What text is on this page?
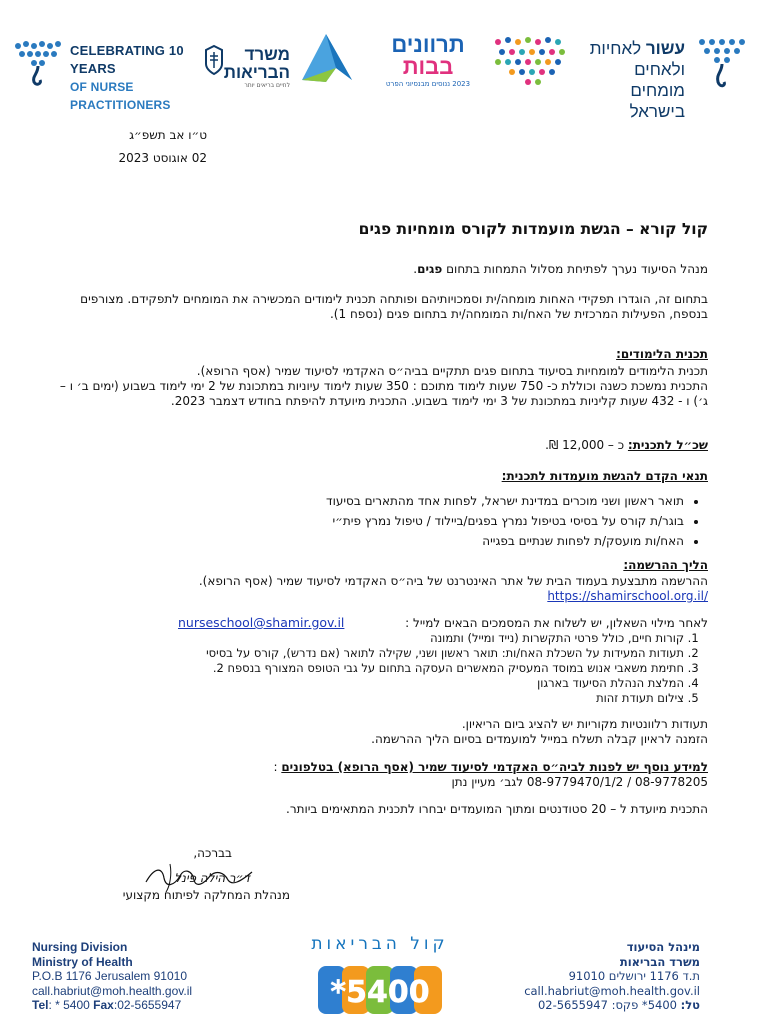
CELEBRATING 10 YEARS
OF NURSE PRACTITIONERS
משרד
הבריאות
לחיים בריאים יותר
תרוונים
בבות
2023 ננוסים מבנסיוני הפרט
עשור לאחיות ולאחים
מומחים בישראל
ט״ו אב תשפ״ג
02 אוגוסט 2023
קול קורא – הגשת מועמדות לקורס מומחיות פגים

מנהל הסיעוד נערך לפתיחת מסלול התמחות בתחום פגים.

בתחום זה, הוגדרו תפקידי האחות מומחה/ית וסמכויותיהם ופותחה תכנית לימודים המכשירה את המומחים לתפקידם. מצורפים בנספח, הפעילות המרכזית של האח/ות המומחה/ית בתחום פגים (נספח 1).

תכנית הלימודים:

תכנית הלימודים למומחיות בסיעוד בתחום פגים תתקיים בביה״ס האקדמי לסיעוד שמיר (אסף הרופא).

התכנית נמשכת כשנה וכוללת כ- 750 שעות לימוד מתוכם : 350 שעות לימוד עיוניות במתכונת של 2 ימי לימוד בשבוע (ימים ב׳ ו – ג׳) ו - 432 שעות קליניות במתכונת של 3 ימי לימוד בשבוע. התכנית מיועדת להיפתח בחודש דצמבר 2023.

שכ״ל לתכנית: כ – 12,000 ₪.

תנאי הקדם להגשת מועמדות לתכנית:

• תואר ראשון ושני מוכרים במדינת ישראל, לפחות אחד מהתארים בסיעוד
• בוגר/ת קורס על בסיסי בטיפול נמרץ בפגים/ביילוד / טיפול נמרץ פית״י
• האח/ות מועסק/ת לפחות שנתיים בפגייה

הליך ההרשמה:

ההרשמה מתבצעת בעמוד הבית של אתר האינטרנט של ביה״ס האקדמי לסיעוד שמיר (אסף הרופא).

https://shamirschool.org.il/

לאחר מילוי השאלון, יש לשלוח את המסמכים הבאים למייל :

nurseschool@shamir.gov.il
1. קורות חיים, כולל פרטי התקשרות (נייד ומייל) ותמונה
2. תעודות המעידות על השכלת האח/ות: תואר ראשון ושני, שקילה לתואר (אם נדרש), קורס על בסיסי
3. חתימת משאבי אנוש במוסד המעסיק המאשרים העסקה בתחום על גבי הטופס המצורף בנספח 2.
4. המלצת הנהלת הסיעוד בארגון
5. צילום תעודת זהות

תעודות רלוונטיות מקוריות יש להציג ביום הריאיון.

הזמנה לראיון קבלה תשלח במייל למועמדים בסיום הליך ההרשמה.

למידע נוסף יש לפנות לביה״ס האקדמי לסיעוד שמיר (אסף הרופא) בטלפונים :

08-9778205 / 08-9779470/1/2 לגב׳ מעיין נתן

התכנית מיועדת ל – 20 סטודנטים ומתוך המועמדים יבחרו לתכנית המתאימים ביותר.

בברכה,

ד״ר הילה פינל

מנהלת המחלקה לפיתוח מקצועי

Nursing Division
Ministry of Health
P.O.B 1176 Jerusalem 91010
call.habriut@moh.health.gov.il
Tel: * 5400 Fax:02-5655947
קול הבריאות
*5400
מינהל הסיעוד
משרד הבריאות
ת.ד 1176 ירושלים 91010
call.habriut@moh.health.gov.il
טל: 5400* פקס: 02-5655947
